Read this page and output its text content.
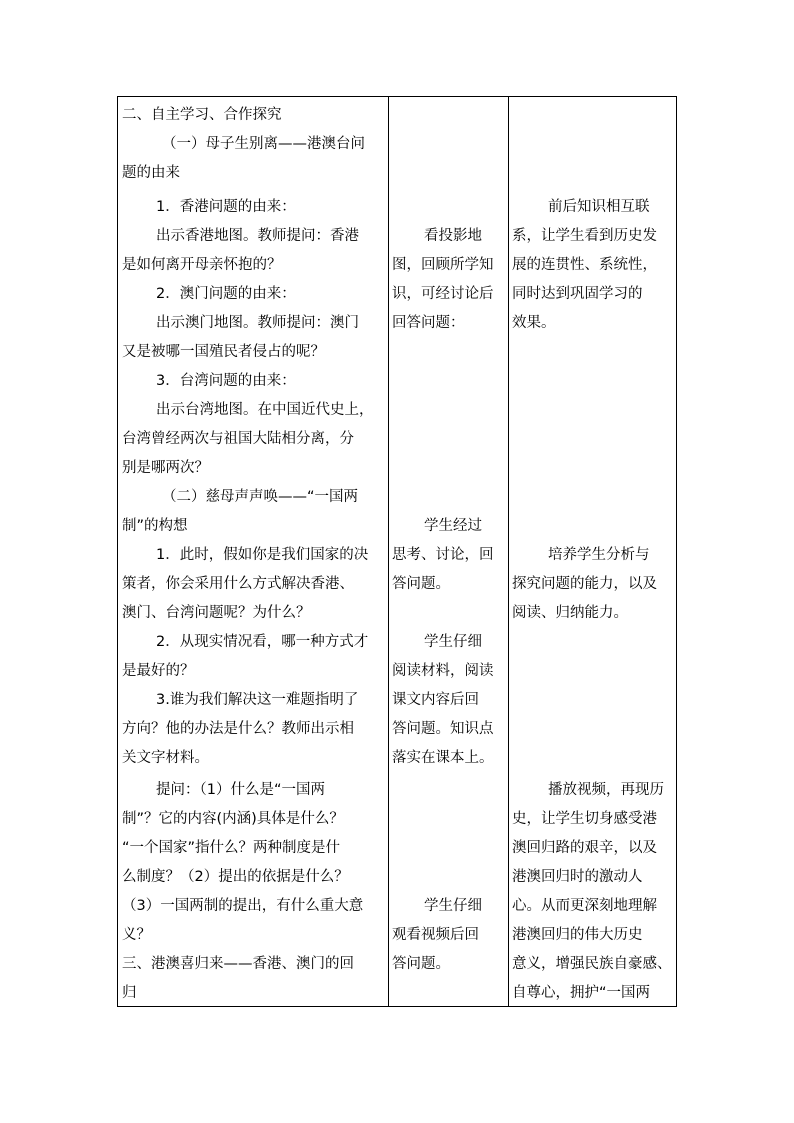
二、自主学习、合作探究
（一）母子生别离——港澳台问
题的由来
1．香港问题的由来：
出示香港地图。教师提问：香港
是如何离开母亲怀抱的？
2．澳门问题的由来：
出示澳门地图。教师提问：澳门
又是被哪一国殖民者侵占的呢？
3．台湾问题的由来：
出示台湾地图。在中国近代史上，
台湾曾经两次与祖国大陆相分离，分
别是哪两次？
（二）慈母声声唤——“一国两
制”的构想
1．此时，假如你是我们国家的决
策者，你会采用什么方式解决香港、
澳门、台湾问题呢？为什么？
2．从现实情况看，哪一种方式才
是最好的？
3.谁为我们解决这一难题指明了
方向？他的办法是什么？教师出示相
关文字材料。
提问：（1）什么是“一国两
制”？它的内容(内涵)具体是什么？
“一个国家”指什么？两种制度是什
么制度？（2）提出的依据是什么？
（3）一国两制的提出，有什么重大意
义？
三、港澳喜归来——香港、澳门的回
归
看投影地
图，回顾所学知
识，可经讨论后
回答问题：
学生经过
思考、讨论，回
答问题。
学生仔细
阅读材料，阅读
课文内容后回
答问题。知识点
落实在课本上。
学生仔细
观看视频后回
答问题。
前后知识相互联
系，让学生看到历史发
展的连贯性、系统性，
同时达到巩固学习的
效果。
培养学生分析与
探究问题的能力，以及
阅读、归纳能力。
播放视频，再现历
史，让学生切身感受港
澳回归路的艰辛，以及
港澳回归时的激动人
心。从而更深刻地理解
港澳回归的伟大历史
意义，增强民族自豪感、
自尊心，拥护“一国两
